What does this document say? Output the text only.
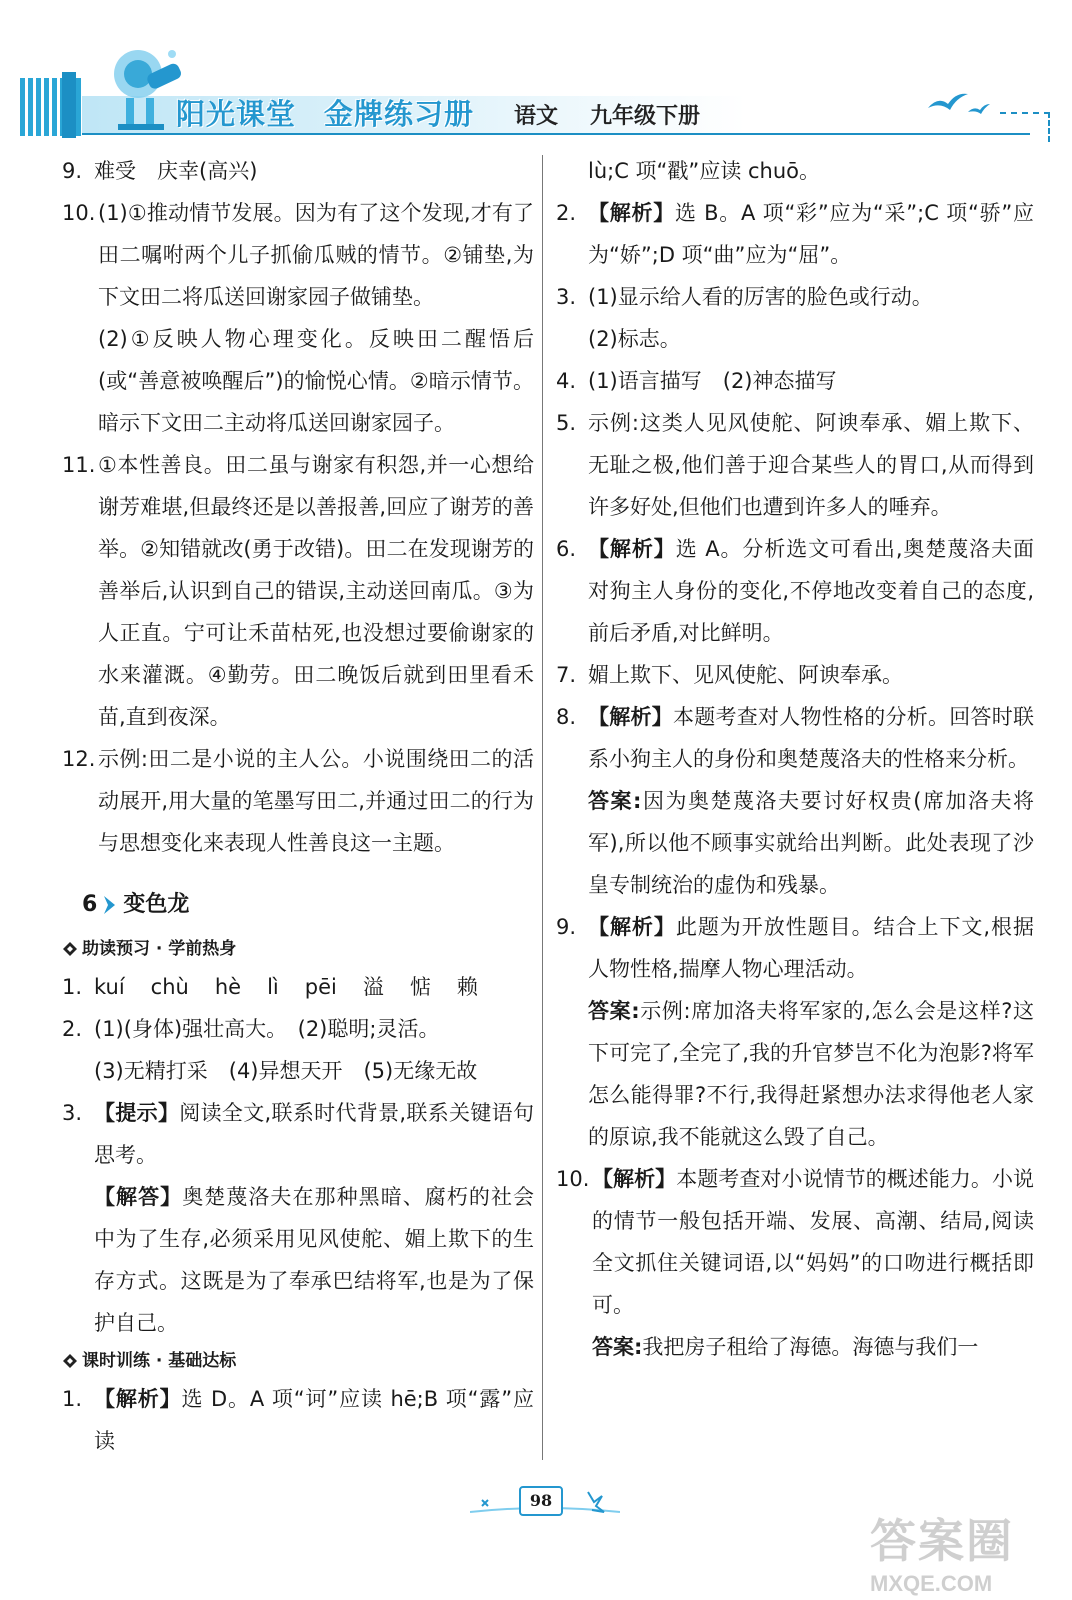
阳光课堂 金牌练习册 语文 九年级下册
9. 难受　庆幸(高兴)
10. (1)①推动情节发展。因为有了这个发现,才有了田二嘱咐两个儿子抓偷瓜贼的情节。②铺垫,为下文田二将瓜送回谢家园子做铺垫。
(2)①反映人物心理变化。反映田二醒悟后(或“善意被唤醒后”)的愉悦心情。②暗示情节。暗示下文田二主动将瓜送回谢家园子。
11. ①本性善良。田二虽与谢家有积怨,并一心想给谢芳难堪,但最终还是以善报善,回应了谢芳的善举。②知错就改(勇于改错)。田二在发现谢芳的善举后,认识到自己的错误,主动送回南瓜。③为人正直。宁可让禾苗枯死,也没想过要偷谢家的水来灌溉。④勤劳。田二晚饭后就到田里看禾苗,直到夜深。
12. 示例:田二是小说的主人公。小说围绕田二的活动展开,用大量的笔墨写田二,并通过田二的行为与思想变化来表现人性善良这一主题。
6 变色龙
助读预习 · 学前热身
1. kuí chù hè lì pēi 溢 惦 赖
2. (1)(身体)强壮高大。　(2)聪明;灵活。
(3)无精打采　(4)异想天开　(5)无缘无故
3. 【提示】阅读全文,联系时代背景,联系关键语句思考。
【解答】奥楚蔑洛夫在那种黑暗、腐朽的社会中为了生存,必须采用见风使舵、媚上欺下的生存方式。这既是为了奉承巴结将军,也是为了保护自己。
课时训练 · 基础达标
1. 【解析】选 D。A 项“诃”应读 hē;B 项“露”应读
lù;C 项“戳”应读 chuō。
2. 【解析】选 B。A 项“彩”应为“采”;C 项“骄”应为“娇”;D 项“曲”应为“屈”。
3. (1)显示给人看的厉害的脸色或行动。
(2)标志。
4. (1)语言描写　(2)神态描写
5. 示例:这类人见风使舵、阿谀奉承、媚上欺下、无耻之极,他们善于迎合某些人的胃口,从而得到许多好处,但他们也遭到许多人的唾弃。
6. 【解析】选 A。分析选文可看出,奥楚蔑洛夫面对狗主人身份的变化,不停地改变着自己的态度,前后矛盾,对比鲜明。
7. 媚上欺下、见风使舵、阿谀奉承。
8. 【解析】本题考查对人物性格的分析。回答时联系小狗主人的身份和奥楚蔑洛夫的性格来分析。
答案:因为奥楚蔑洛夫要讨好权贵(席加洛夫将军),所以他不顾事实就给出判断。此处表现了沙皇专制统治的虚伪和残暴。
9. 【解析】此题为开放性题目。结合上下文,根据人物性格,揣摩人物心理活动。
答案:示例:席加洛夫将军家的,怎么会是这样?这下可完了,全完了,我的升官梦岂不化为泡影?将军怎么能得罪?不行,我得赶紧想办法求得他老人家的原谅,我不能就这么毁了自己。
10. 【解析】本题考查对小说情节的概述能力。小说的情节一般包括开端、发展、高潮、结局,阅读全文抓住关键词语,以“妈妈”的口吻进行概括即可。
答案:我把房子租给了海德。海德与我们一
98
答案圈
MXQE.COM
